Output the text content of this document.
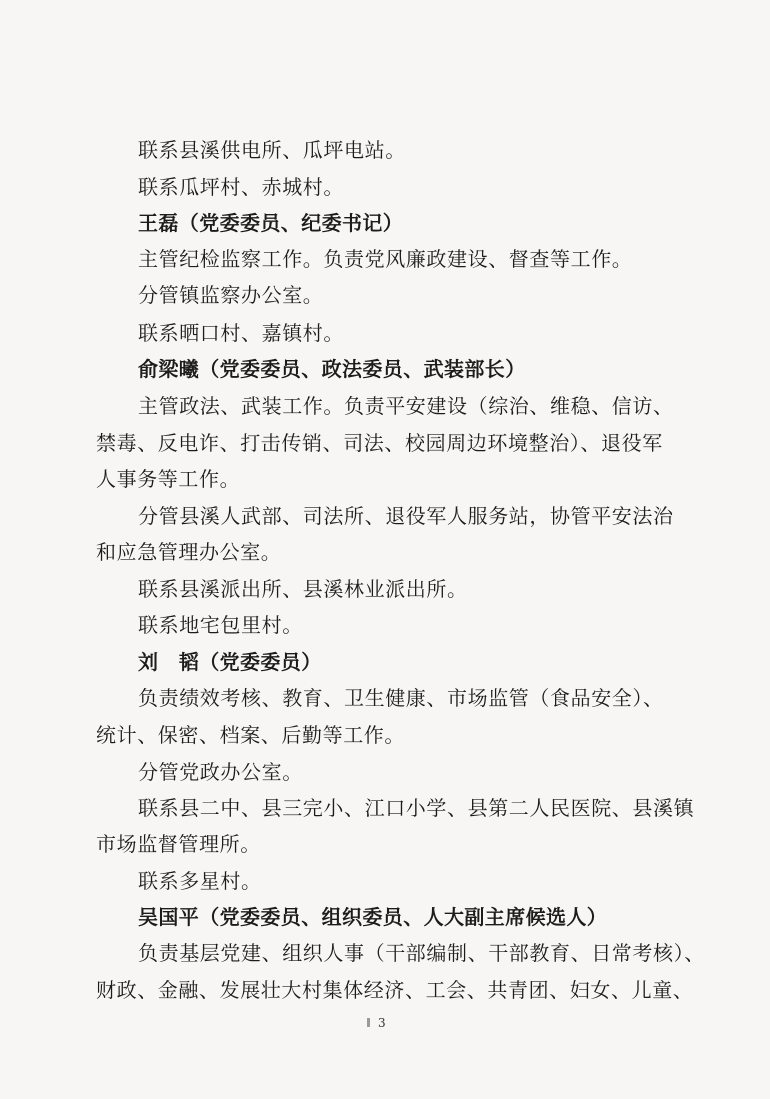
联系县溪供电所、瓜坪电站。
联系瓜坪村、赤城村。
王磊（党委委员、纪委书记）
主管纪检监察工作。负责党风廉政建设、督查等工作。
分管镇监察办公室。
联系晒口村、嘉镇村。
俞梁曦（党委委员、政法委员、武装部长）
主管政法、武装工作。负责平安建设（综治、维稳、信访、
禁毒、反电诈、打击传销、司法、校园周边环境整治）、退役军
人事务等工作。
分管县溪人武部、司法所、退役军人服务站，协管平安法治
和应急管理办公室。
联系县溪派出所、县溪林业派出所。
联系地宅包里村。
刘　韬（党委委员）
负责绩效考核、教育、卫生健康、市场监管（食品安全）、
统计、保密、档案、后勤等工作。
分管党政办公室。
联系县二中、县三完小、江口小学、县第二人民医院、县溪镇
市场监督管理所。
联系多星村。
吴国平（党委委员、组织委员、人大副主席候选人）
负责基层党建、组织人事（干部编制、干部教育、日常考核）、
财政、金融、发展壮大村集体经济、工会、共青团、妇女、儿童、
3
